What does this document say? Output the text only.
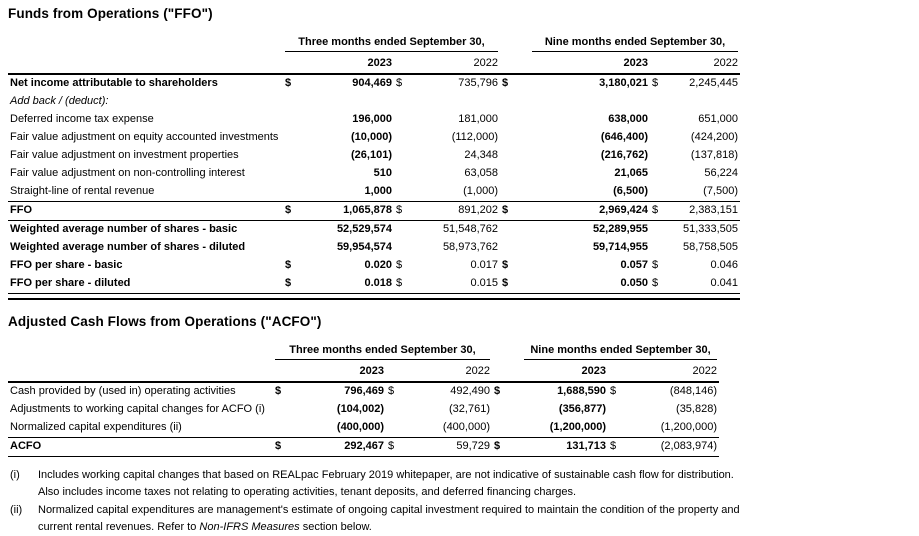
Funds from Operations ("FFO")

	Three months ended September 30,				Nine months ended September 30,			

		2023		2022		2023		2022
Net income attributable to shareholders	$	904,469	$	735,796	$	3,180,021	$	2,245,445
Add back / (deduct):								
Deferred income tax expense		196,000		181,000		638,000		651,000
Fair value adjustment on equity accounted investments		(10,000)		(112,000)		(646,400)		(424,200)
Fair value adjustment on investment properties		(26,101)		24,348		(216,762)		(137,818)
Fair value adjustment on non-controlling interest		510		63,058		21,065		56,224
Straight-line of rental revenue		1,000		(1,000)		(6,500)		(7,500)
FFO	$	1,065,878	$	891,202	$	2,969,424	$	2,383,151
Weighted average number of shares - basic		52,529,574		51,548,762		52,289,955		51,333,505
Weighted average number of shares - diluted		59,954,574		58,973,762		59,714,955		58,758,505
FFO per share - basic	$	0.020	$	0.017	$	0.057	$	0.046
FFO per share - diluted	$	0.018	$	0.015	$	0.050	$	0.041
Adjusted Cash Flows from Operations ("ACFO")

	Three months ended September 30,				Nine months ended September 30,			

		2023		2022		2023		2022
Cash provided by (used in) operating activities	$	796,469	$	492,490	$	1,688,590	$	(848,146)
Adjustments to working capital changes for ACFO (i)		(104,002)		(32,761)		(356,877)		(35,828)
Normalized capital expenditures (ii)		(400,000)		(400,000)		(1,200,000)		(1,200,000)
ACFO	$	292,467	$	59,729	$	131,713	$	(2,083,974)
(i)	Includes working capital changes that based on REALpac February 2019 whitepaper, are not indicative of sustainable cash flow for distribution.
Also includes income taxes not relating to operating activities, tenant deposits, and deferred financing charges.
(ii)	Normalized capital expenditures are management's estimate of ongoing capital investment required to maintain the condition of the property and
current rental revenues. Refer to Non-IFRS Measures section below.
